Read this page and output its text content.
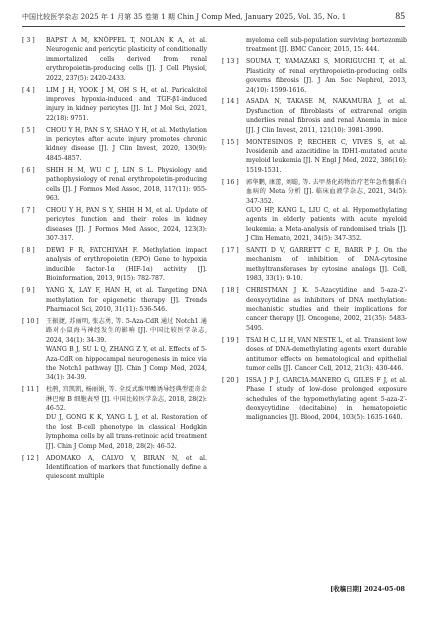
中国比较医学杂志 2025 年 1 月第 35 卷第 1 期 Chin J Comp Med, January 2025, Vol. 35, No. 1	85
[ 3 ]	BAPST A M, KNÖPFEL T, NOLAN K A, et al. Neurogenic and pericytic plasticity of conditionally immortalized cells derived from renal erythropoietin-producing cells [J]. J Cell Physiol, 2022, 237(5): 2420-2433.
[ 4 ]	LIM J H, YOOK J M, OH S H, et al. Paricalcitol improves hypoxia-induced and TGF-β1-induced injury in kidney pericytes [J]. Int J Mol Sci, 2021, 22(18): 9751.
[ 5 ]	CHOU Y H, PAN S Y, SHAO Y H, et al. Methylation in pericytes after acute injury promotes chronic kidney disease [J]. J Clin Invest, 2020, 130(9): 4845-4857.
[ 6 ]	SHIH H M, WU C J, LIN S L. Physiology and pathophysiology of renal erythropoietin-producing cells [J]. J Formos Med Assoc, 2018, 117(11): 955-963.
[ 7 ]	CHOU Y H, PAN S Y, SHIH H M, et al. Update of pericytes function and their roles in kidney diseases [J]. J Formos Med Assoc, 2024, 123(3): 307-317.
[ 8 ]	DEWI F R, FATCHIYAH F. Methylation impact analysis of erythropoietin (EPO) Gene to hypoxia inducible factor-1α (HIF-1α) activity [J]. Bioinformation, 2013, 9(15): 782-787.
[ 9 ]	YANG X, LAY F, HAN H, et al. Targeting DNA methylation for epigenetic therapy [J]. Trends Pharmacol Sci, 2010, 31(11): 536-546.
[ 10 ]	王振捷, 苏丽明, 张志勇, 等. 5-Aza-CdR 通过 Notch1 通路对小鼠海马神经发生的影响 [J]. 中国比较医学杂志, 2024, 34(1): 34-39.
WANG B J, SU L Q, ZHANG Z Y, et al. Effects of 5-Aza-CdR on hippocampal neurogenesis in mice via the Notch1 pathway [J]. Chin J Comp Med, 2024, 34(1): 34-39.
[ 11 ]	杜鹃, 宫凯凯, 杨丽娟, 等. 全反式维甲酸诱导经典型霍奇金淋巴瘤 B 细胞表型 [J]. 中国比较医学杂志, 2018, 28(2): 46-52.
DU J, GONG K K, YANG L J, et al. Restoration of the lost B-cell phenotype in classical Hodgkin lymphoma cells by all trans-retinoic acid treatment [J]. Chin J Comp Med, 2018, 28(2): 46-52.
[ 12 ]	ADOMAKO A, CALVO V, BIRAN N, et al. Identification of markers that functionally define a quiescent multiple
myeloma cell sub-population surviving bortezomib treatment [J]. BMC Cancer, 2015, 15: 444.
[ 13 ]	SOUMA T, YAMAZAKI S, MORIGUCHI T, et al. Plasticity of renal erythropoietin-producing cells governs fibrosis [J]. J Am Soc Nephrol, 2013, 24(10): 1599-1616.
[ 14 ]	ASADA N, TAKASE M, NAKAMURA J, et al. Dysfunction of fibroblasts of extrarenal origin underlies renal fibrosis and renal Anemia in mice [J]. J Clin Invest, 2011, 121(10): 3981-3990.
[ 15 ]	MONTESINOS P, RECHER C, VIVES S, et al. Ivosidenib and azacitidine in IDH1-mutated acute myeloid leukemia [J]. N Engl J Med, 2022, 386(16): 1519-1531.
[ 16 ]	郭华鹏, 康蕾, 刘聪, 等. 去甲基化药物治疗老年急性髓系白血病的 Meta 分析 [J]. 临床血液学杂志, 2021, 34(5): 347-352.
GUO HP, KANG L, LIU C, et al. Hypomethylating agents in elderly patients with acute myeloid leukemia: a Meta-analysis of randomised trials [J]. J Clin Hemato, 2021, 34(5): 347-352.
[ 17 ]	SANTI D V, GARRETT C E, BARR P J. On the mechanism of inhibition of DNA-cytosine methyltransferases by cytosine analogs [J]. Cell, 1983, 33(1): 9-10.
[ 18 ]	CHRISTMAN J K. 5-Azacytidine and 5-aza-2′-deoxycytidine as inhibitors of DNA methylation: mechanistic studies and their implications for cancer therapy [J]. Oncogene, 2002, 21(35): 5483-5495.
[ 19 ]	TSAI H C, LI H, VAN NESTE L, et al. Transient low doses of DNA-demethylating agents exert durable antitumor effects on hematological and epithelial tumor cells [J]. Cancer Cell, 2012, 21(3): 430-446.
[ 20 ]	ISSA J P J, GARCIA-MANERO G, GILES F J, et al. Phase I study of low-dose prolonged exposure schedules of the hypomethylating agent 5-aza-2′-deoxycytidine (decitabine) in hematopoietic malignancies [J]. Blood, 2004, 103(5): 1635-1640.
[收稿日期] 2024-05-08
